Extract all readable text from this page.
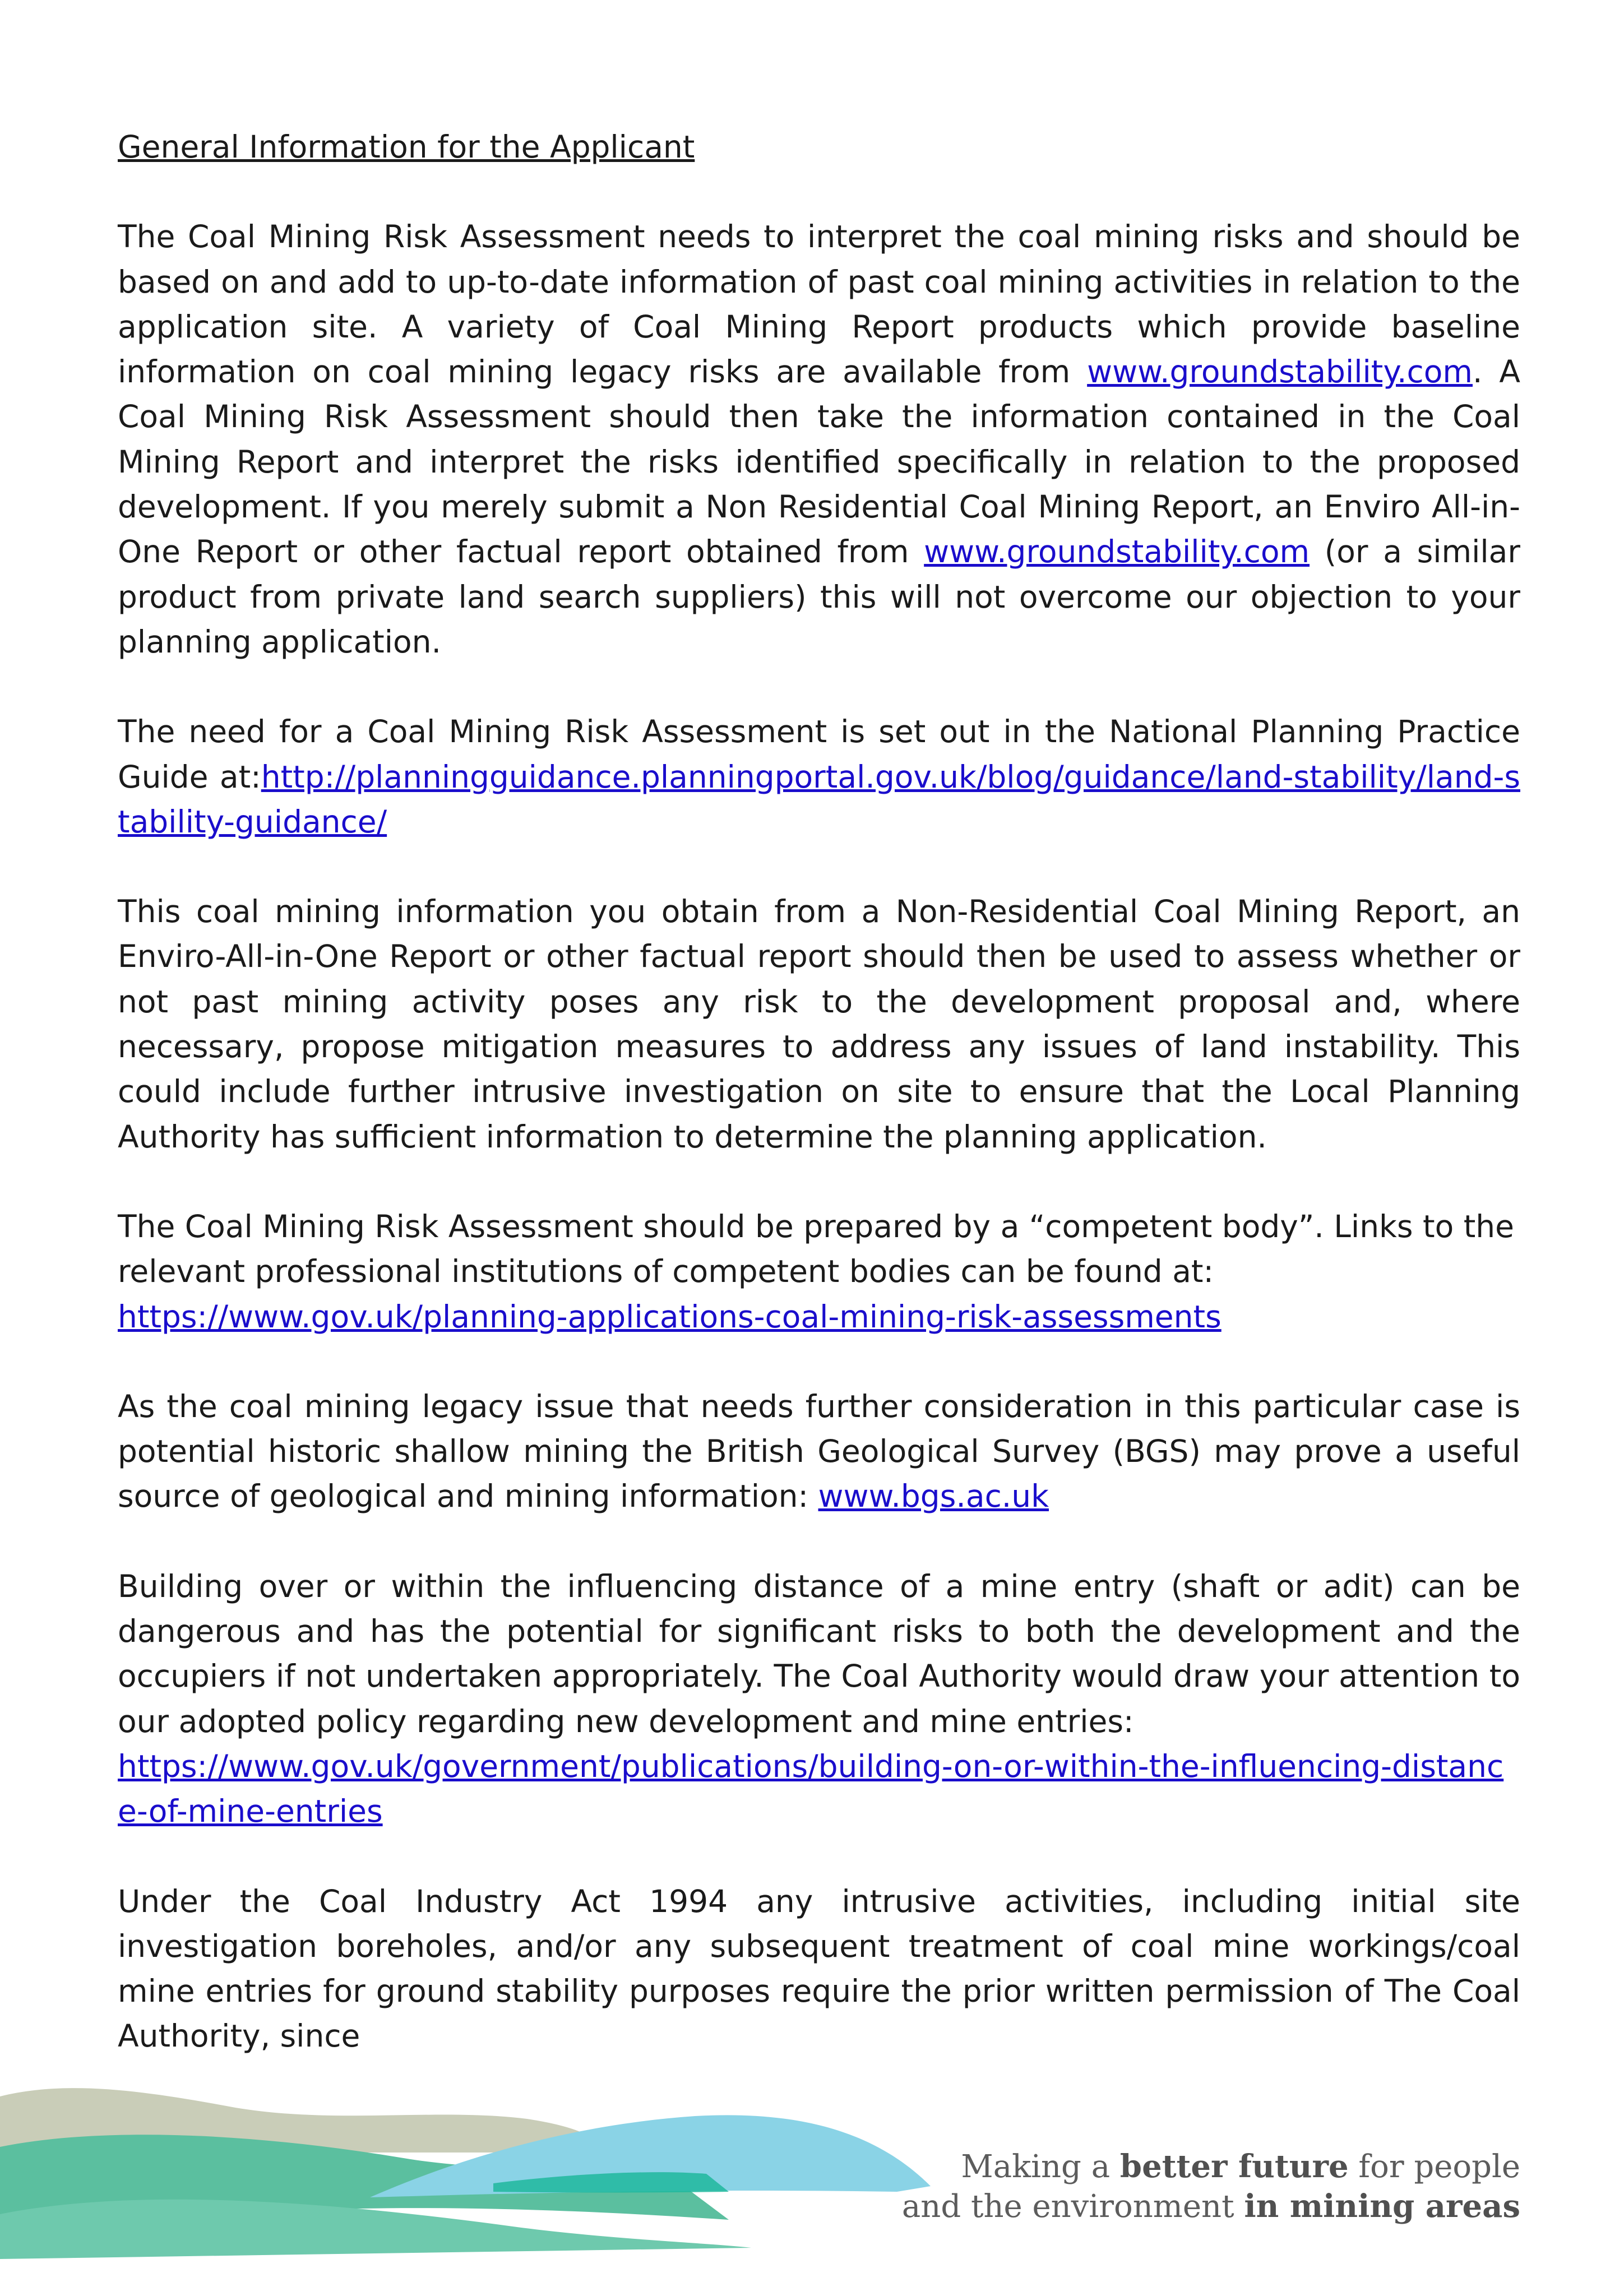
General Information for the Applicant

The Coal Mining Risk Assessment needs to interpret the coal mining risks and should be based on and add to up-to-date information of past coal mining activities in relation to the application site. A variety of Coal Mining Report products which provide baseline information on coal mining legacy risks are available from www.groundstability.com. A Coal Mining Risk Assessment should then take the information contained in the Coal Mining Report and interpret the risks identified specifically in relation to the proposed development. If you merely submit a Non Residential Coal Mining Report, an Enviro All-in-One Report or other factual report obtained from www.groundstability.com (or a similar product from private land search suppliers) this will not overcome our objection to your planning application.

The need for a Coal Mining Risk Assessment is set out in the National Planning Practice Guide at:http://planningguidance.planningportal.gov.uk/blog/guidance/land-stability/land-stability-guidance/

This coal mining information you obtain from a Non-Residential Coal Mining Report, an Enviro-All-in-One Report or other factual report should then be used to assess whether or not past mining activity poses any risk to the development proposal and, where necessary, propose mitigation measures to address any issues of land instability. This could include further intrusive investigation on site to ensure that the Local Planning Authority has sufficient information to determine the planning application.

The Coal Mining Risk Assessment should be prepared by a “competent body”. Links to the relevant professional institutions of competent bodies can be found at:
https://www.gov.uk/planning-applications-coal-mining-risk-assessments

As the coal mining legacy issue that needs further consideration in this particular case is potential historic shallow mining the British Geological Survey (BGS) may prove a useful source of geological and mining information: www.bgs.ac.uk

Building over or within the influencing distance of a mine entry (shaft or adit) can be dangerous and has the potential for significant risks to both the development and the occupiers if not undertaken appropriately. The Coal Authority would draw your attention to our adopted policy regarding new development and mine entries:
https://www.gov.uk/government/publications/building-on-or-within-the-influencing-distance-of-mine-entries

Under the Coal Industry Act 1994 any intrusive activities, including initial site investigation boreholes, and/or any subsequent treatment of coal mine workings/coal mine entries for ground stability purposes require the prior written permission of The Coal Authority, since

Making a better future for people
and the environment in mining areas
